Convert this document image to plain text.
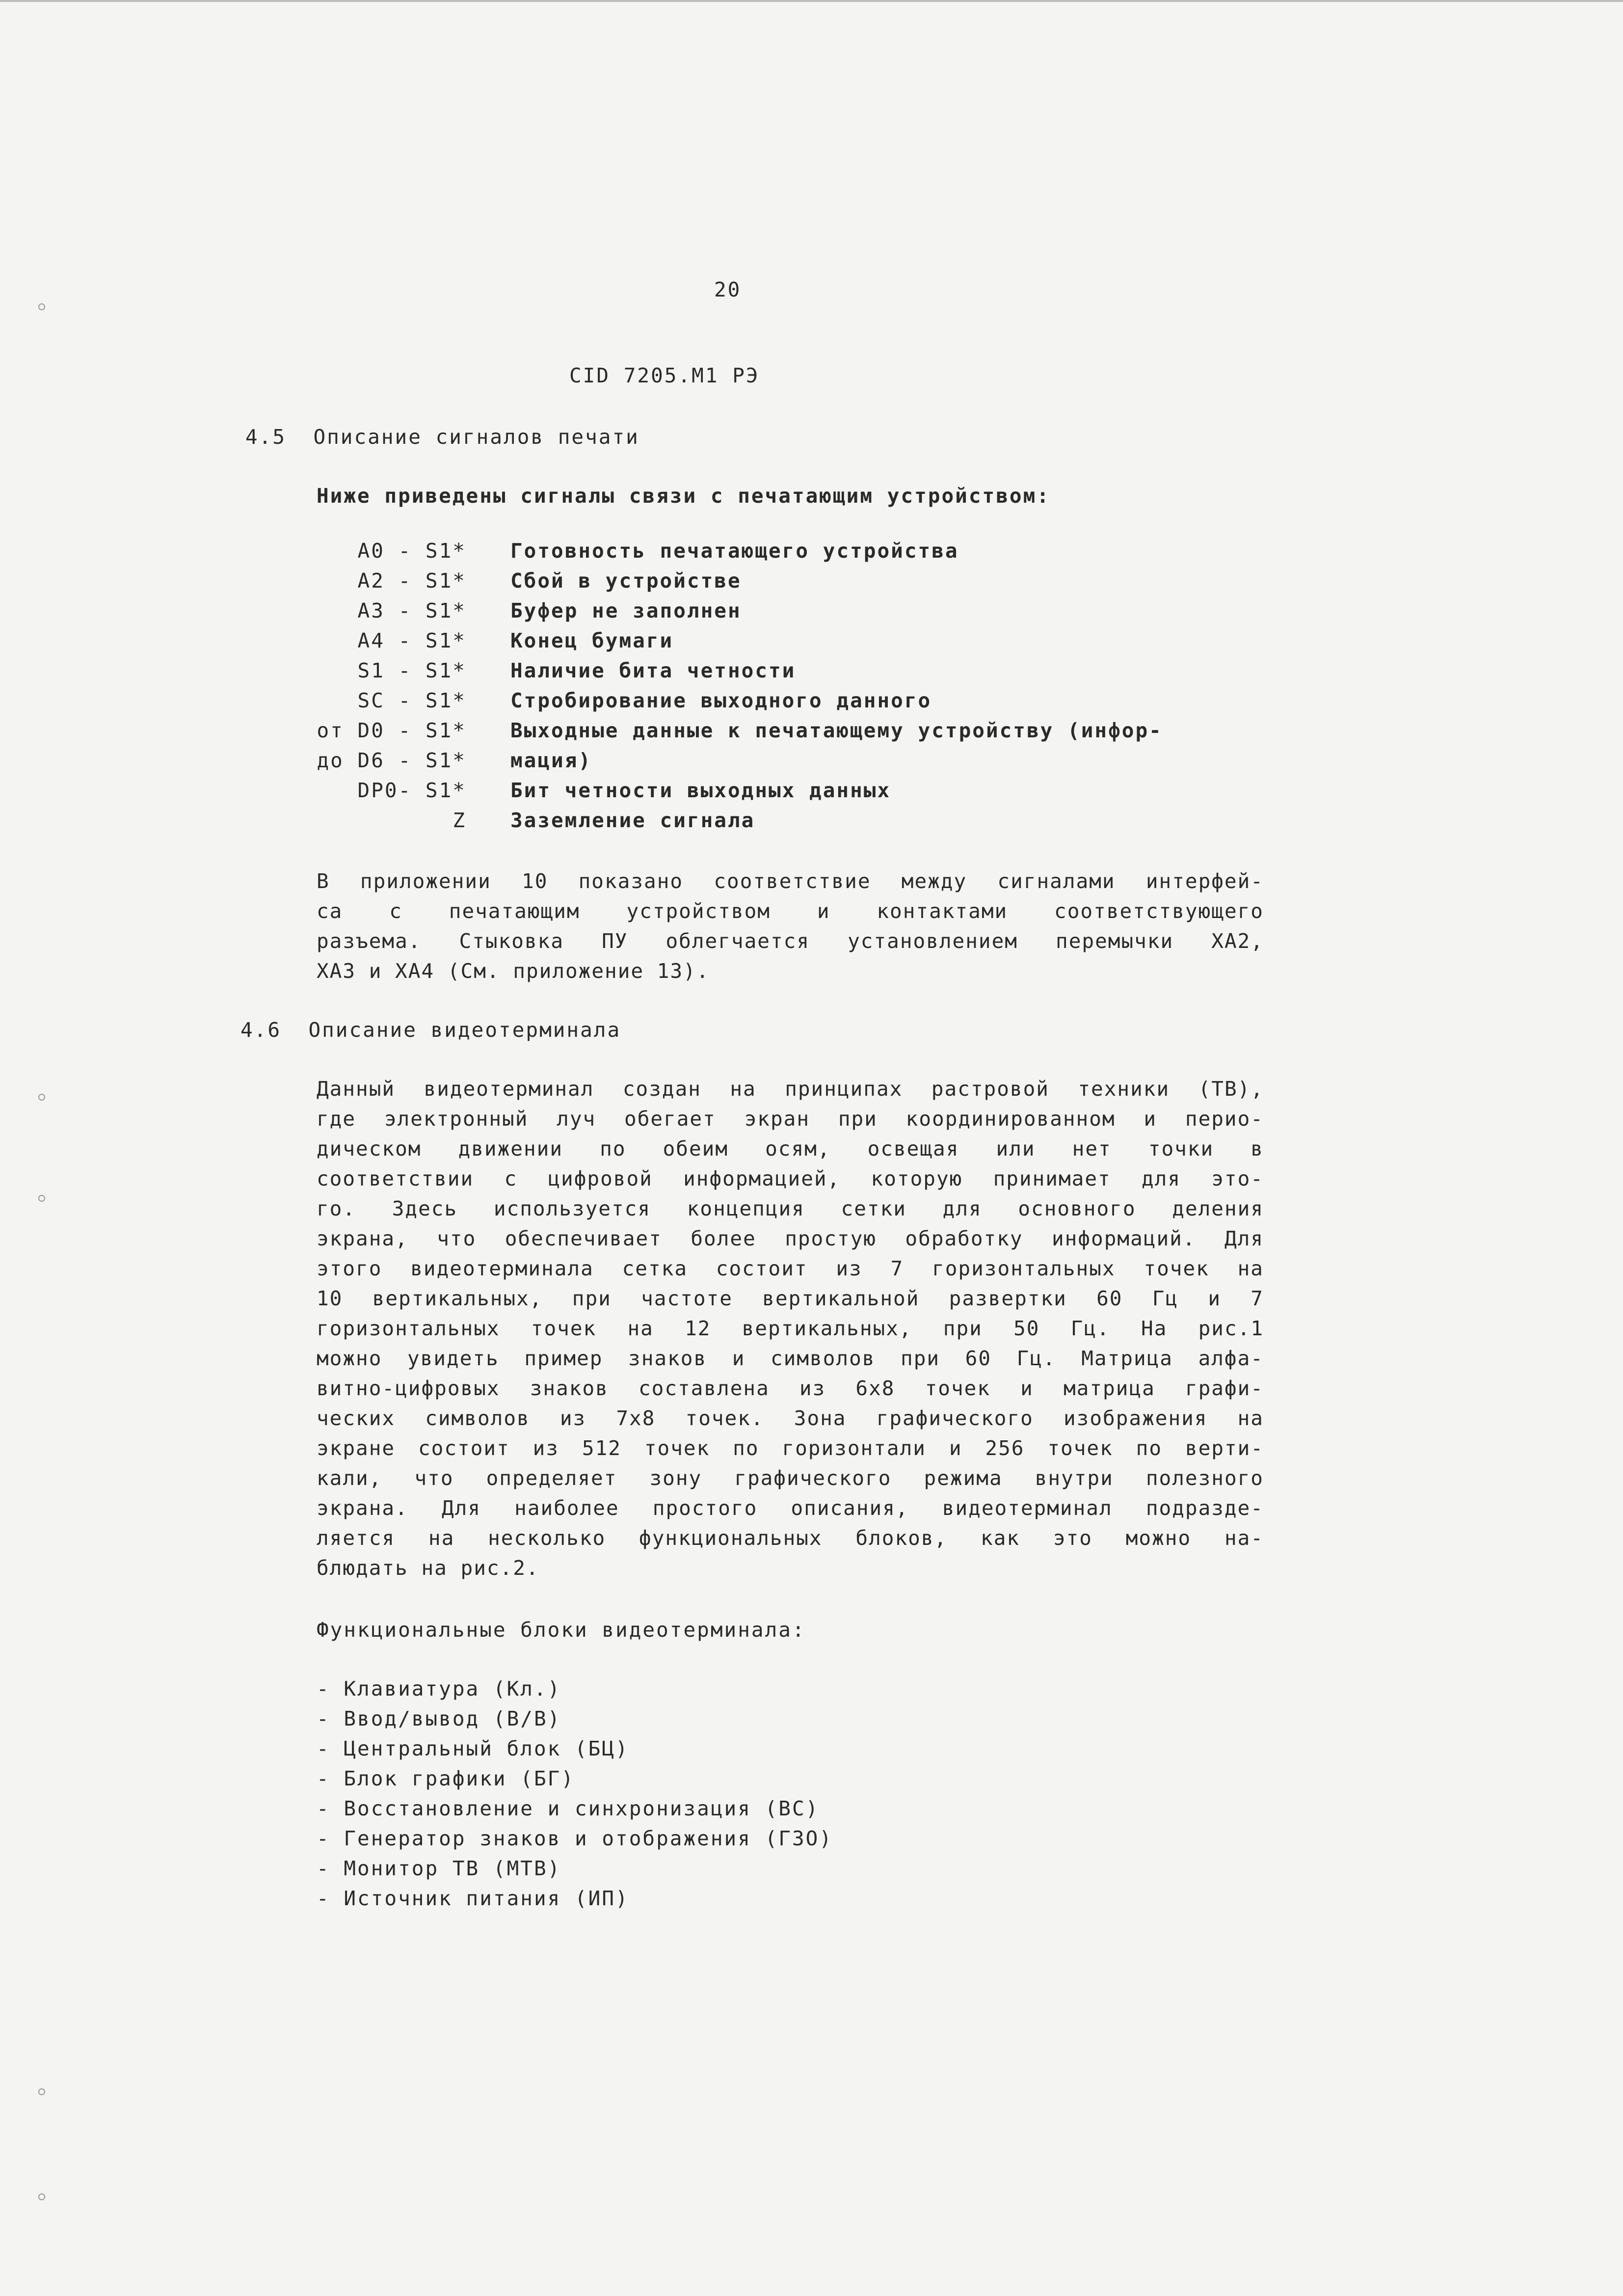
20
CID 7205.M1 РЭ
4.5 Описание сигналов печати
Ниже приведены сигналы связи с печатающим устройством:
A0 - S1* Готовность печатающего устройства
A2 - S1* Сбой в устройстве
A3 - S1* Буфер не заполнен
A4 - S1* Конец бумаги
S1 - S1* Наличие бита четности
SC - S1* Стробирование выходного данного
от D0 - S1* Выходные данные к печатающему устройству (инфор-
до D6 - S1* мация)
DP0- S1* Бит четности выходных данных
Z Заземление сигнала
В приложении 10 показано соответствие между сигналами интерфей-
са с печатающим устройством и контактами соответствующего
разъема. Стыковка ПУ облегчается установлением перемычки ХА2,
ХА3 и ХА4 (См. приложение 13).
4.6 Описание видеотерминала
Данный видеотерминал создан на принципах растровой техники (ТВ),
где электронный луч обегает экран при координированном и перио-
дическом движении по обеим осям, освещая или нет точки в
соответствии с цифровой информацией, которую принимает для это-
го. Здесь используется концепция сетки для основного деления
экрана, что обеспечивает более простую обработку информаций. Для
этого видеотерминала сетка состоит из 7 горизонтальных точек на
10 вертикальных, при частоте вертикальной развертки 60 Гц и 7
горизонтальных точек на 12 вертикальных, при 50 Гц. На рис.1
можно увидеть пример знаков и символов при 60 Гц. Матрица алфа-
витно-цифровых знаков составлена из 6х8 точек и матрица графи-
ческих символов из 7х8 точек. Зона графического изображения на
экране состоит из 512 точек по горизонтали и 256 точек по верти-
кали, что определяет зону графического режима внутри полезного
экрана. Для наиболее простого описания, видеотерминал подразде-
ляется на несколько функциональных блоков, как это можно на-
блюдать на рис.2.
Функциональные блоки видеотерминала:
- Клавиатура (Кл.)
- Ввод/вывод (В/В)
- Центральный блок (БЦ)
- Блок графики (БГ)
- Восстановление и синхронизация (ВС)
- Генератор знаков и отображения (ГЗО)
- Монитор ТВ (МТВ)
- Источник питания (ИП)
